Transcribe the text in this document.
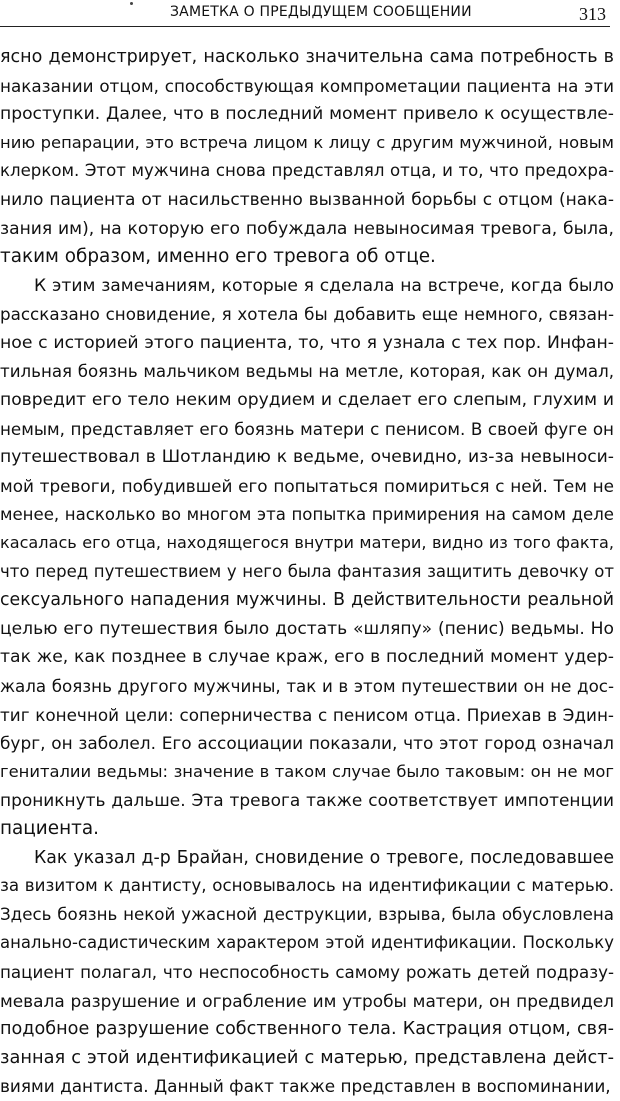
ЗАМЕТКА О ПРЕДЫДУЩЕМ СООБЩЕНИИ	313
ясно демонстрирует, насколько значительна сама потребность в
наказании отцом, способствующая компрометации пациента на эти
проступки. Далее, что в последний момент привело к осуществле-
нию репарации, это встреча лицом к лицу с другим мужчиной, новым
клерком. Этот мужчина снова представлял отца, и то, что предохра-
нило пациента от насильственно вызванной борьбы с отцом (нака-
зания им), на которую его побуждала невыносимая тревога, была,
таким образом, именно его тревога об отце.
К этим замечаниям, которые я сделала на встрече, когда было
рассказано сновидение, я хотела бы добавить еще немного, связан-
ное с историей этого пациента, то, что я узнала с тех пор. Инфан-
тильная боязнь мальчиком ведьмы на метле, которая, как он думал,
повредит его тело неким орудием и сделает его слепым, глухим и
немым, представляет его боязнь матери с пенисом. В своей фуге он
путешествовал в Шотландию к ведьме, очевидно, из-за невыноси-
мой тревоги, побудившей его попытаться помириться с ней. Тем не
менее, насколько во многом эта попытка примирения на самом деле
касалась его отца, находящегося внутри матери, видно из того факта,
что перед путешествием у него была фантазия защитить девочку от
сексуального нападения мужчины. В действительности реальной
целью его путешествия было достать «шляпу» (пенис) ведьмы. Но
так же, как позднее в случае краж, его в последний момент удер-
жала боязнь другого мужчины, так и в этом путешествии он не дос-
тиг конечной цели: соперничества с пенисом отца. Приехав в Эдин-
бург, он заболел. Его ассоциации показали, что этот город означал
гениталии ведьмы: значение в таком случае было таковым: он не мог
проникнуть дальше. Эта тревога также соответствует импотенции
пациента.
Как указал д-р Брайан, сновидение о тревоге, последовавшее
за визитом к дантисту, основывалось на идентификации с матерью.
Здесь боязнь некой ужасной деструкции, взрыва, была обусловлена
анально-садистическим характером этой идентификации. Поскольку
пациент полагал, что неспособность самому рожать детей подразу-
мевала разрушение и ограбление им утробы матери, он предвидел
подобное разрушение собственного тела. Кастрация отцом, свя-
занная с этой идентификацией с матерью, представлена дейст-
виями дантиста. Данный факт также представлен в воспоминании,
